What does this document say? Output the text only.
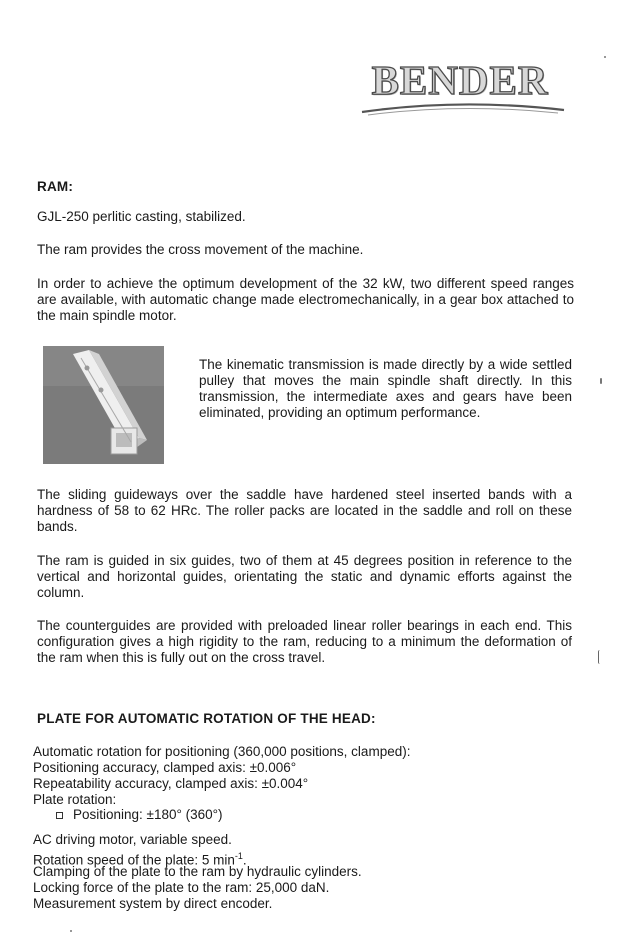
BENDER

RAM:

GJL-250 perlitic casting, stabilized.

The ram provides the cross movement of the machine.

In order to achieve the optimum development of the 32 kW, two different speed ranges are available, with automatic change made electromechanically, in a gear box attached to the main spindle motor.

The kinematic transmission is made directly by a wide settled pulley that moves the main spindle shaft directly. In this transmission, the intermediate axes and gears have been eliminated, providing an optimum performance.

The sliding guideways over the saddle have hardened steel inserted bands with a hardness of 58 to 62 HRc. The roller packs are located in the saddle and roll on these bands.

The ram is guided in six guides, two of them at 45 degrees position in reference to the vertical and horizontal guides, orientating the static and dynamic efforts against the column.

The counterguides are provided with preloaded linear roller bearings in each end. This configuration gives a high rigidity to the ram, reducing to a minimum the deformation of the ram when this is fully out on the cross travel.

PLATE FOR AUTOMATIC ROTATION OF THE HEAD:

Automatic rotation for positioning (360,000 positions, clamped):

Positioning accuracy, clamped axis: ±0.006°

Repeatability accuracy, clamped axis: ±0.004°

Plate rotation:

Positioning: ±180° (360°)

AC driving motor, variable speed.

Rotation speed of the plate: 5 $\min^{-1}$.

Clamping of the plate to the ram by hydraulic cylinders.

Locking force of the plate to the ram: 25,000 daN.

Measurement system by direct encoder.
